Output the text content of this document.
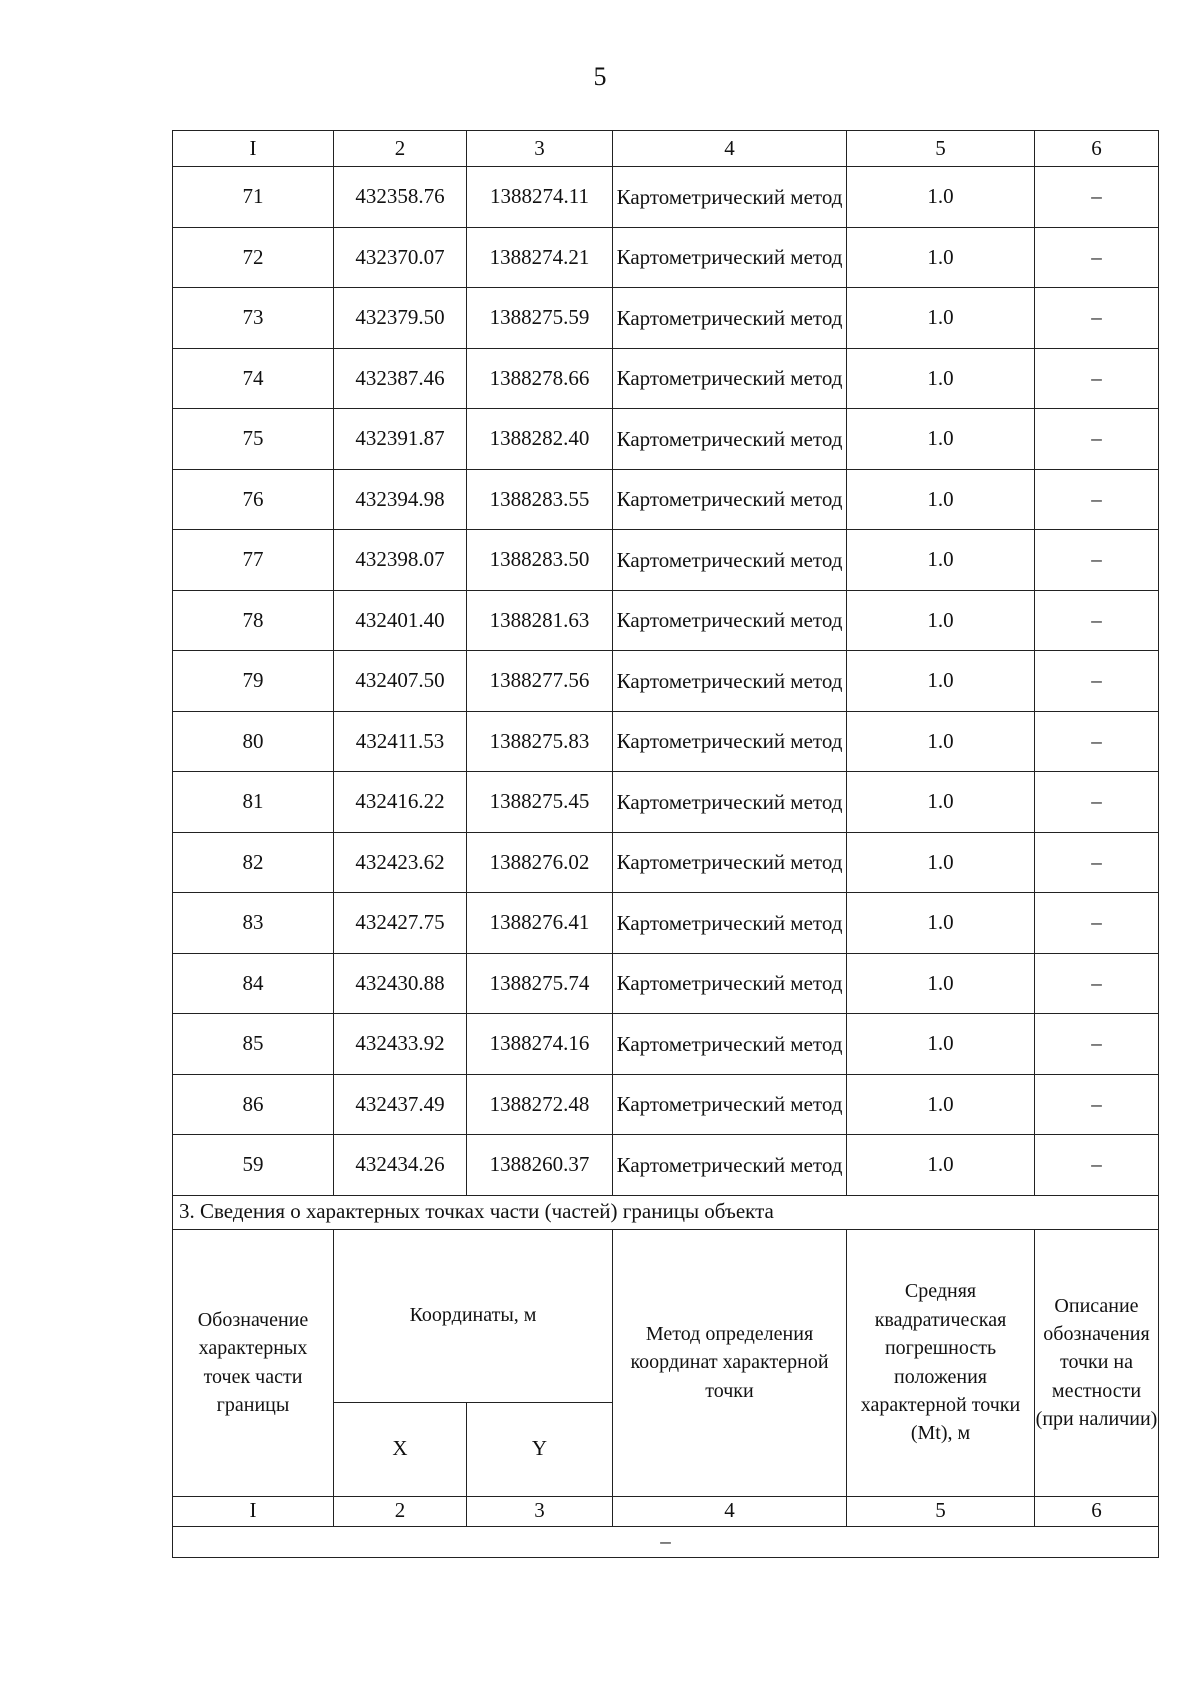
5
I	2	3	4	5	6
71	432358.76	1388274.11	Картометрический метод	1.0	–
72	432370.07	1388274.21	Картометрический метод	1.0	–
73	432379.50	1388275.59	Картометрический метод	1.0	–
74	432387.46	1388278.66	Картометрический метод	1.0	–
75	432391.87	1388282.40	Картометрический метод	1.0	–
76	432394.98	1388283.55	Картометрический метод	1.0	–
77	432398.07	1388283.50	Картометрический метод	1.0	–
78	432401.40	1388281.63	Картометрический метод	1.0	–
79	432407.50	1388277.56	Картометрический метод	1.0	–
80	432411.53	1388275.83	Картометрический метод	1.0	–
81	432416.22	1388275.45	Картометрический метод	1.0	–
82	432423.62	1388276.02	Картометрический метод	1.0	–
83	432427.75	1388276.41	Картометрический метод	1.0	–
84	432430.88	1388275.74	Картометрический метод	1.0	–
85	432433.92	1388274.16	Картометрический метод	1.0	–
86	432437.49	1388272.48	Картометрический метод	1.0	–
59	432434.26	1388260.37	Картометрический метод	1.0	–
3. Сведения о характерных точках части (частей) границы объекта					
Обозначение характерных точек части границы	Координаты, м		Метод определения координат характерной точки	Средняя квадратическая погрешность положения характерной точки (Mt), м	Описание обозначения точки на местности (при наличии)
	X	Y			
I	2	3	4	5	6
–					
